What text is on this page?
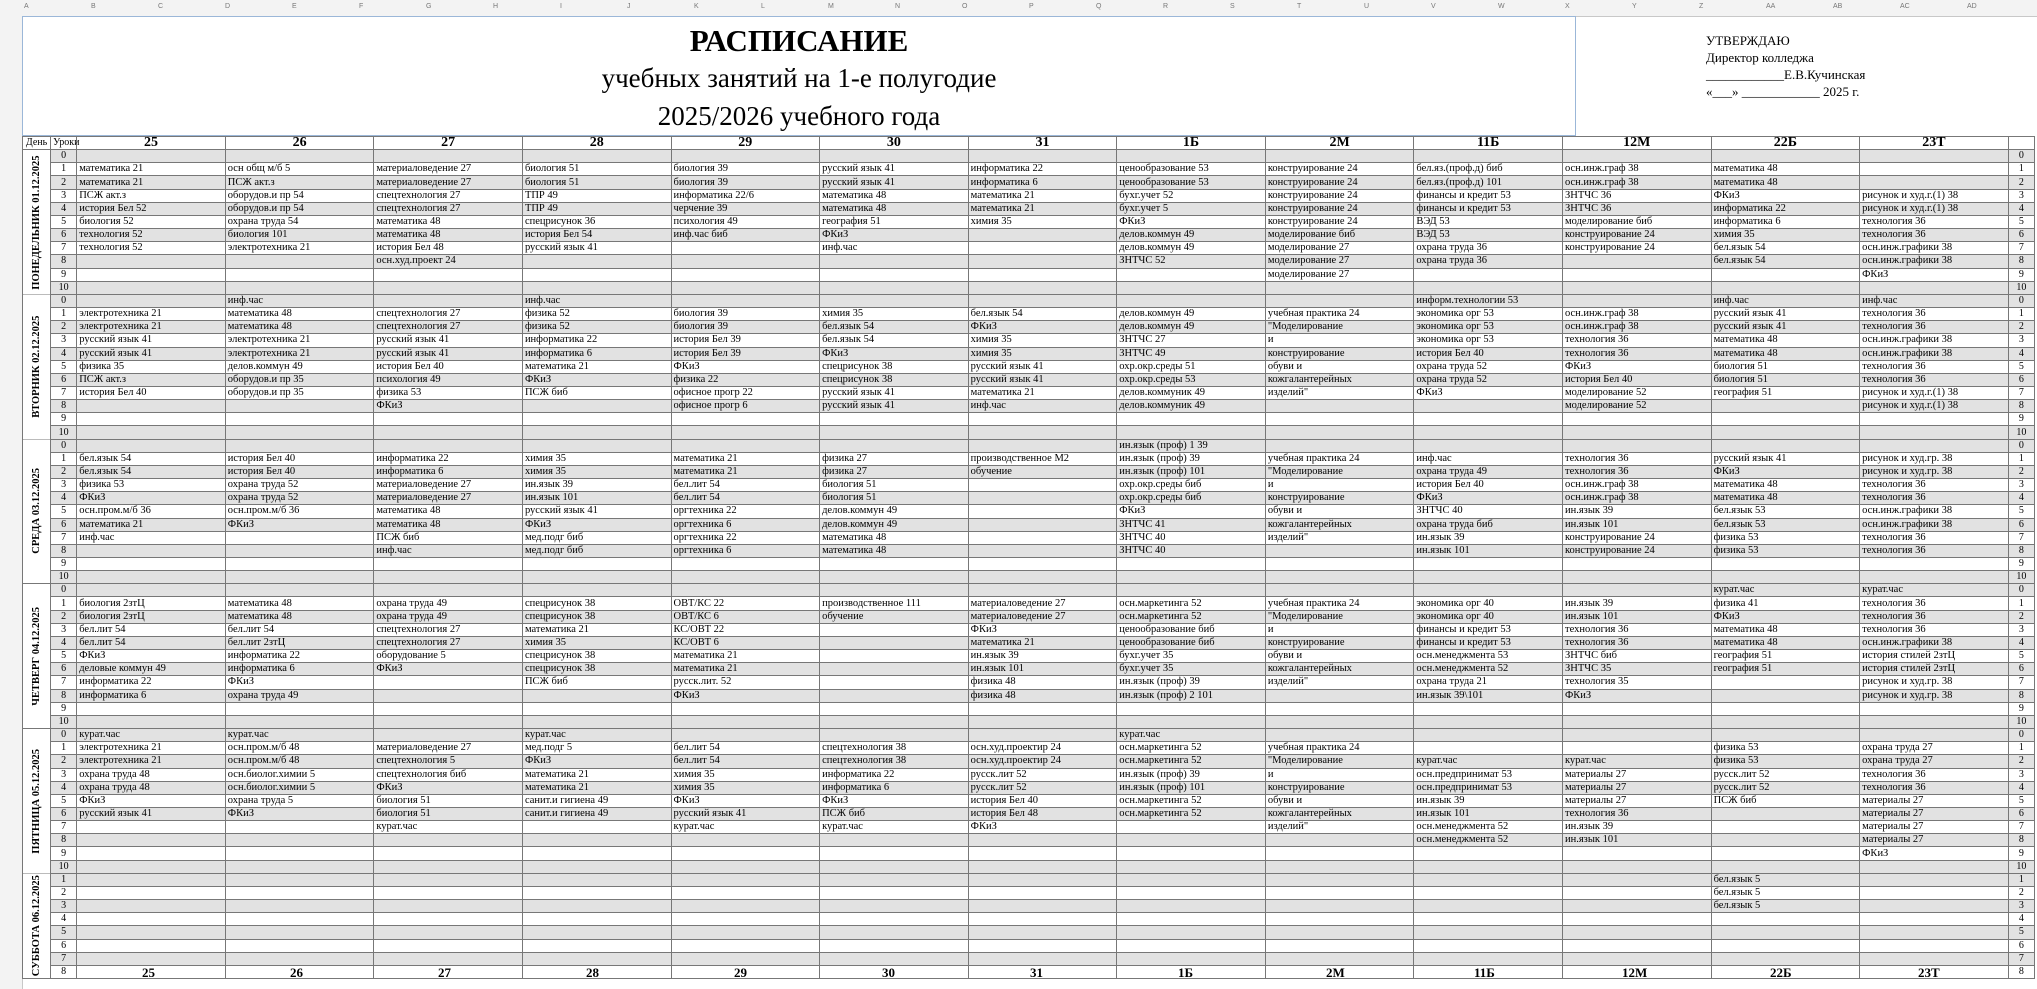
A	B	C	D	E	F	G	H	I	J	K	L	M	N	O	P	Q	R	S	T	U	V	W	X	Y	Z	AA	AB	AC	AD
РАСПИСАНИЕ
учебных занятий на 1-е полугодие
2025/2026 учебного года
УТВЕРЖДАЮ
Директор колледжа
____________Е.В.Кучинская
«___» ____________ 2025 г.
День	Уроки	25	26	27	28	29	30	31	1Б	2М	11Б	12М	22Б	23Т	
ПОНЕДЕЛЬНИК 01.12.2025	0														0
	1	математика 21	осн общ м/б 5	материаловедение 27	биология 51	биология 39	русский язык 41	информатика 22	ценообразование 53	конструирование 24	бел.яз.(проф.д) биб	осн.инж.граф 38	математика 48		1
	2	математика 21	ПСЖ акт.з	материаловедение 27	биология 51	биология 39	русский язык 41	информатика 6	ценообразование 53	конструирование 24	бел.яз.(проф.д) 101	осн.инж.граф 38	математика 48		2
	3	ПСЖ акт.з	оборудов.и пр 54	спецтехнология 27	ТПР 49	информатика 22/6	математика 48	математика 21	бухг.учет 52	конструирование 24	финансы и кредит 53	ЗНТЧС 36	ФКиЗ	рисунок и худ.г.(1) 38	3
	4	история Бел 52	оборудов.и пр 54	спецтехнология 27	ТПР 49	черчение 39	математика 48	математика 21	бухг.учет 5	конструирование 24	финансы и кредит 53	ЗНТЧС 36	информатика 22	рисунок и худ.г.(1) 38	4
	5	биология 52	охрана труда 54	математика 48	спецрисунок 36	психология 49	география 51	химия 35	ФКиЗ	конструирование 24	ВЭД 53	моделирование биб	информатика 6	технология 36	5
	6	технология 52	биология 101	математика 48	история Бел 54	инф.час биб	ФКиЗ		делов.коммун 49	моделирование биб	ВЭД 53	конструирование 24	химия 35	технология 36	6
	7	технология 52	электротехника 21	история Бел 48	русский язык 41		инф.час		делов.коммун 49	моделирование 27	охрана труда 36	конструирование 24	бел.язык 54	осн.инж.графики 38	7
	8			осн.худ.проект 24					ЗНТЧС 52	моделирование 27	охрана труда 36		бел.язык 54	осн.инж.графики 38	8
	9									моделирование 27				ФКиЗ	9
	10														10
ВТОРНИК 02.12.2025	0		инф.час		инф.час						информ.технологии 53		инф.час	инф.час	0
	1	электротехника 21	математика 48	спецтехнология 27	физика 52	биология 39	химия 35	бел.язык 54	делов.коммун 49	учебная практика 24	экономика орг 53	осн.инж.граф 38	русский язык 41	технология 36	1
	2	электротехника 21	математика 48	спецтехнология 27	физика 52	биология 39	бел.язык 54	ФКиЗ	делов.коммун 49	"Моделирование	экономика орг 53	осн.инж.граф 38	русский язык 41	технология 36	2
	3	русский язык 41	электротехника 21	русский язык 41	информатика 22	история Бел 39	бел.язык 54	химия 35	ЗНТЧС 27	и	экономика орг 53	технология 36	математика 48	осн.инж.графики 38	3
	4	русский язык 41	электротехника 21	русский язык 41	информатика 6	история Бел 39	ФКиЗ	химия 35	ЗНТЧС 49	конструирование	история Бел 40	технология 36	математика 48	осн.инж.графики 38	4
	5	физика 35	делов.коммун 49	история Бел 40	математика 21	ФКиЗ	спецрисунок 38	русский язык 41	охр.окр.среды 51	обуви и	охрана труда 52	ФКиЗ	биология 51	технология 36	5
	6	ПСЖ акт.з	оборудов.и пр 35	психология 49	ФКиЗ	физика 22	спецрисунок 38	русский язык 41	охр.окр.среды 53	кожгалантерейных	охрана труда 52	история Бел 40	биология 51	технология 36	6
	7	история Бел 40	оборудов.и пр 35	физика 53	ПСЖ биб	офисное прогр 22	русский язык 41	математика 21	делов.коммуник 49	изделий"	ФКиЗ	моделирование 52	география 51	рисунок и худ.г.(1) 38	7
	8			ФКиЗ		офисное прогр 6	русский язык 41	инф.час	делов.коммуник 49			моделирование 52		рисунок и худ.г.(1) 38	8
	9														9
	10														10
СРЕДА 03.12.2025	0								ин.язык (проф) 1 39						0
	1	бел.язык 54	история Бел 40	информатика 22	химия 35	математика 21	физика 27	производственное М2	ин.язык (проф) 39	учебная практика 24	инф.час	технология 36	русский язык 41	рисунок и худ.гр. 38	1
	2	бел.язык 54	история Бел 40	информатика 6	химия 35	математика 21	физика 27	обучение	ин.язык (проф) 101	"Моделирование	охрана труда 49	технология 36	ФКиЗ	рисунок и худ.гр. 38	2
	3	физика 53	охрана труда 52	материаловедение 27	ин.язык 39	бел.лит 54	биология 51		охр.окр.среды биб	и	история Бел 40	осн.инж.граф 38	математика 48	технология 36	3
	4	ФКиЗ	охрана труда 52	материаловедение 27	ин.язык 101	бел.лит 54	биология 51		охр.окр.среды биб	конструирование	ФКиЗ	осн.инж.граф 38	математика 48	технология 36	4
	5	осн.пром.м/б 36	осн.пром.м/б 36	математика 48	русский язык 41	оргтехника 22	делов.коммун 49		ФКиЗ	обуви и	ЗНТЧС 40	ин.язык 39	бел.язык 53	осн.инж.графики 38	5
	6	математика 21	ФКиЗ	математика 48	ФКиЗ	оргтехника 6	делов.коммун 49		ЗНТЧС 41	кожгалантерейных	охрана труда биб	ин.язык 101	бел.язык 53	осн.инж.графики 38	6
	7	инф.час		ПСЖ биб	мед.подг биб	оргтехника 22	математика 48		ЗНТЧС 40	изделий"	ин.язык 39	конструирование 24	физика 53	технология 36	7
	8			инф.час	мед.подг биб	оргтехника 6	математика 48		ЗНТЧС 40		ин.язык 101	конструирование 24	физика 53	технология 36	8
	9														9
	10														10
ЧЕТВЕРГ 04.12.2025	0												курат.час	курат.час	0
	1	биология 2зтЦ	математика 48	охрана труда 49	спецрисунок 38	ОВТ/КС 22	производственное 111	материаловедение 27	осн.маркетинга 52	учебная практика 24	экономика орг 40	ин.язык 39	физика 41	технология 36	1
	2	биология 2зтЦ	математика 48	охрана труда 49	спецрисунок 38	ОВТ/КС 6	обучение	материаловедение 27	осн.маркетинга 52	"Моделирование	экономика орг 40	ин.язык 101	ФКиЗ	технология 36	2
	3	бел.лит 54	бел.лит 54	спецтехнология 27	математика 21	КС/ОВТ 22		ФКиЗ	ценообразование биб	и	финансы и кредит 53	технология 36	математика 48	технология 36	3
	4	бел.лит 54	бел.лит 2зтЦ	спецтехнология 27	химия 35	КС/ОВТ 6		математика 21	ценообразование биб	конструирование	финансы и кредит 53	технология 36	математика 48	осн.инж.графики 38	4
	5	ФКиЗ	информатика 22	оборудование 5	спецрисунок 38	математика 21		ин.язык 39	бухг.учет 35	обуви и	осн.менеджмента 53	ЗНТЧС биб	география 51	история стилей 2зтЦ	5
	6	деловые коммун 49	информатика 6	ФКиЗ	спецрисунок 38	математика 21		ин.язык 101	бухг.учет 35	кожгалантерейных	осн.менеджмента 52	ЗНТЧС 35	география 51	история стилей 2зтЦ	6
	7	информатика 22	ФКиЗ		ПСЖ биб	русск.лит. 52		физика 48	ин.язык (проф) 39	изделий"	охрана труда 21	технология 35		рисунок и худ.гр. 38	7
	8	информатика 6	охрана труда 49			ФКиЗ		физика 48	ин.язык (проф) 2 101		ин.язык 39\101	ФКиЗ		рисунок и худ.гр. 38	8
	9														9
	10														10
ПЯТНИЦА 05.12.2025	0	курат.час	курат.час		курат.час				курат.час						0
	1	электротехника 21	осн.пром.м/б 48	материаловедение 27	мед.подг 5	бел.лит 54	спецтехнология 38	осн.худ.проектир 24	осн.маркетинга 52	учебная практика 24			физика 53	охрана труда 27	1
	2	электротехника 21	осн.пром.м/б 48	спецтехнология 5	ФКиЗ	бел.лит 54	спецтехнология 38	осн.худ.проектир 24	осн.маркетинга 52	"Моделирование	курат.час	курат.час	физика 53	охрана труда 27	2
	3	охрана труда 48	осн.биолог.химии 5	спецтехнология биб	математика 21	химия 35	информатика 22	русск.лит 52	ин.язык (проф) 39	и	осн.предпринимат 53	материалы 27	русск.лит 52	технология 36	3
	4	охрана труда 48	осн.биолог.химии 5	ФКиЗ	математика 21	химия 35	информатика 6	русск.лит 52	ин.язык (проф) 101	конструирование	осн.предпринимат 53	материалы 27	русск.лит 52	технология 36	4
	5	ФКиЗ	охрана труда 5	биология 51	санит.и гигиена 49	ФКиЗ	ФКиЗ	история Бел 40	осн.маркетинга 52	обуви и	ин.язык 39	материалы 27	ПСЖ биб	материалы 27	5
	6	русский язык 41	ФКиЗ	биология 51	санит.и гигиена 49	русский язык 41	ПСЖ биб	история Бел 48	осн.маркетинга 52	кожгалантерейных	ин.язык 101	технология 36		материалы 27	6
	7			курат.час		курат.час	курат.час	ФКиЗ		изделий"	осн.менеджмента 52	ин.язык 39		материалы 27	7
	8										осн.менеджмента 52	ин.язык 101		материалы 27	8
	9													ФКиЗ	9
	10														10
СУББОТА 06.12.2025	1												бел.язык 5		1
	2												бел.язык 5		2
	3												бел.язык 5		3
	4														4
	5														5
	6														6
	7														7
	8														8
25	26	27	28	29	30	31	1Б	2М	11Б	12М	22Б	23Т
